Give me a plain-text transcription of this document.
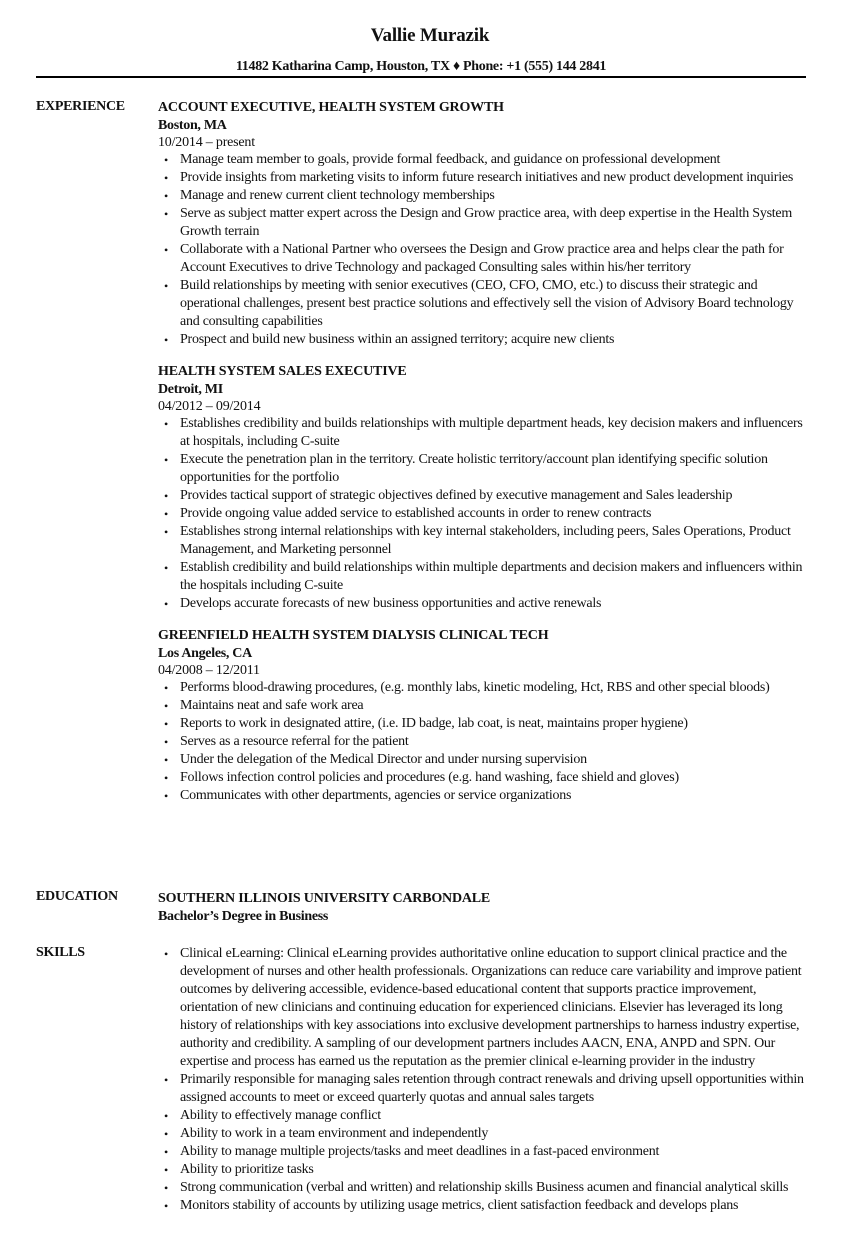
Vallie Murazik
11482 Katharina Camp, Houston, TX ♦ Phone: +1 (555) 144 2841
EXPERIENCE ACCOUNT EXECUTIVE, HEALTH SYSTEM GROWTH
Boston, MA
10/2014 – present
• Manage team member to goals, provide formal feedback, and guidance on professional development
• Provide insights from marketing visits to inform future research initiatives and new product development inquiries
• Manage and renew current client technology memberships
• Serve as subject matter expert across the Design and Grow practice area, with deep expertise in the Health System Growth terrain
• Collaborate with a National Partner who oversees the Design and Grow practice area and helps clear the path for Account Executives to drive Technology and packaged Consulting sales within his/her territory
• Build relationships by meeting with senior executives (CEO, CFO, CMO, etc.) to discuss their strategic and operational challenges, present best practice solutions and effectively sell the vision of Advisory Board technology and consulting capabilities
• Prospect and build new business within an assigned territory; acquire new clients
HEALTH SYSTEM SALES EXECUTIVE
Detroit, MI
04/2012 – 09/2014
• Establishes credibility and builds relationships with multiple department heads, key decision makers and influencers at hospitals, including C-suite
• Execute the penetration plan in the territory. Create holistic territory/account plan identifying specific solution opportunities for the portfolio
• Provides tactical support of strategic objectives defined by executive management and Sales leadership
• Provide ongoing value added service to established accounts in order to renew contracts
• Establishes strong internal relationships with key internal stakeholders, including peers, Sales Operations, Product Management, and Marketing personnel
• Establish credibility and build relationships within multiple departments and decision makers and influencers within the hospitals including C-suite
• Develops accurate forecasts of new business opportunities and active renewals
GREENFIELD HEALTH SYSTEM DIALYSIS CLINICAL TECH
Los Angeles, CA
04/2008 – 12/2011
• Performs blood-drawing procedures, (e.g. monthly labs, kinetic modeling, Hct, RBS and other special bloods)
• Maintains neat and safe work area
• Reports to work in designated attire, (i.e. ID badge, lab coat, is neat, maintains proper hygiene)
• Serves as a resource referral for the patient
• Under the delegation of the Medical Director and under nursing supervision
• Follows infection control policies and procedures (e.g. hand washing, face shield and gloves)
• Communicates with other departments, agencies or service organizations
EDUCATION	SOUTHERN ILLINOIS UNIVERSITY CARBONDALE
Bachelor’s Degree in Business
SKILLS	• Clinical eLearning: Clinical eLearning provides authoritative online education to support clinical practice and the development of nurses and other health professionals. Organizations can reduce care variability and improve patient outcomes by delivering accessible, evidence-based educational content that supports practice improvement, orientation of new clinicians and continuing education for experienced clinicians. Elsevier has leveraged its long history of relationships with key associations into exclusive development partnerships to harness industry expertise, authority and credibility. A sampling of our development partners includes AACN, ENA, ANPD and SPN. Our expertise and process has earned us the reputation as the premier clinical e-learning provider in the industry
• Primarily responsible for managing sales retention through contract renewals and driving upsell opportunities within assigned accounts to meet or exceed quarterly quotas and annual sales targets
• Ability to effectively manage conflict
• Ability to work in a team environment and independently
• Ability to manage multiple projects/tasks and meet deadlines in a fast-paced environment
• Ability to prioritize tasks
• Strong communication (verbal and written) and relationship skills Business acumen and financial analytical skills
• Monitors stability of accounts by utilizing usage metrics, client satisfaction feedback and develops plans
